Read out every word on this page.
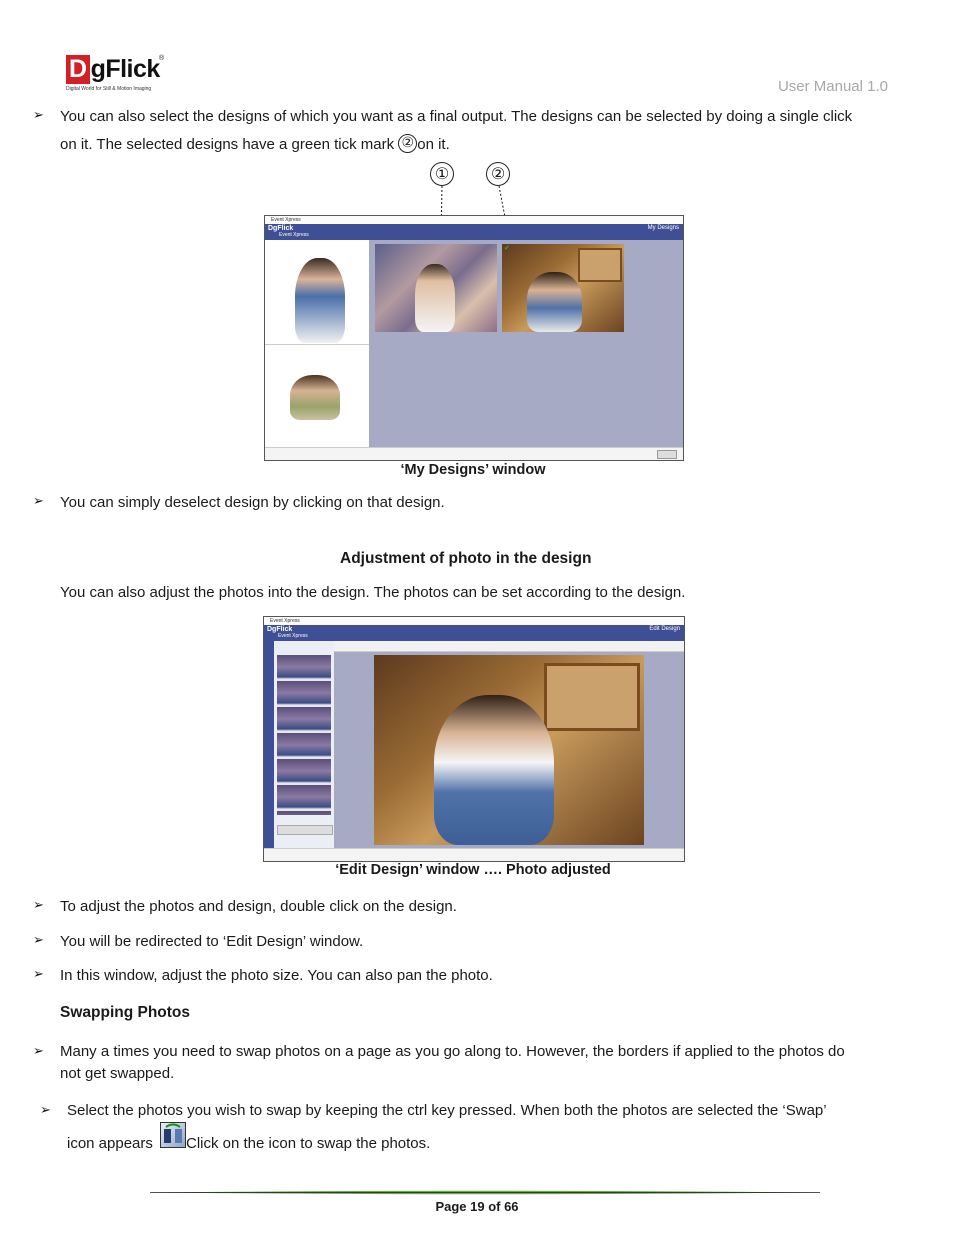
D gFlick ®
Digital World for Still & Motion Imaging	User Manual 1.0
➢ You can also select the designs of which you want as a final output. The designs can be selected by doing a single click
on it. The selected designs have a green tick mark ② on it.
①	②
Event Xpress
DgFlick
Event Xpress
My Designs
✔
‘My Designs’ window
➢ You can simply deselect design by clicking on that design.
Adjustment of photo in the design
You can also adjust the photos into the design. The photos can be set according to the design.
Event Xpress
DgFlick
Event Xpress
Edit Design
‘Edit Design’ window …. Photo adjusted
➢ To adjust the photos and design, double click on the design.
➢ You will be redirected to ‘Edit Design’ window.
➢ In this window, adjust the photo size. You can also pan the photo.
Swapping Photos
➢ Many a times you need to swap photos on a page as you go along to. However, the borders if applied to the photos do
not get swapped.
➢ Select the photos you wish to swap by keeping the ctrl key pressed. When both the photos are selected the ‘Swap’
icon appears Click on the icon to swap the photos.
Page 19 of 66
